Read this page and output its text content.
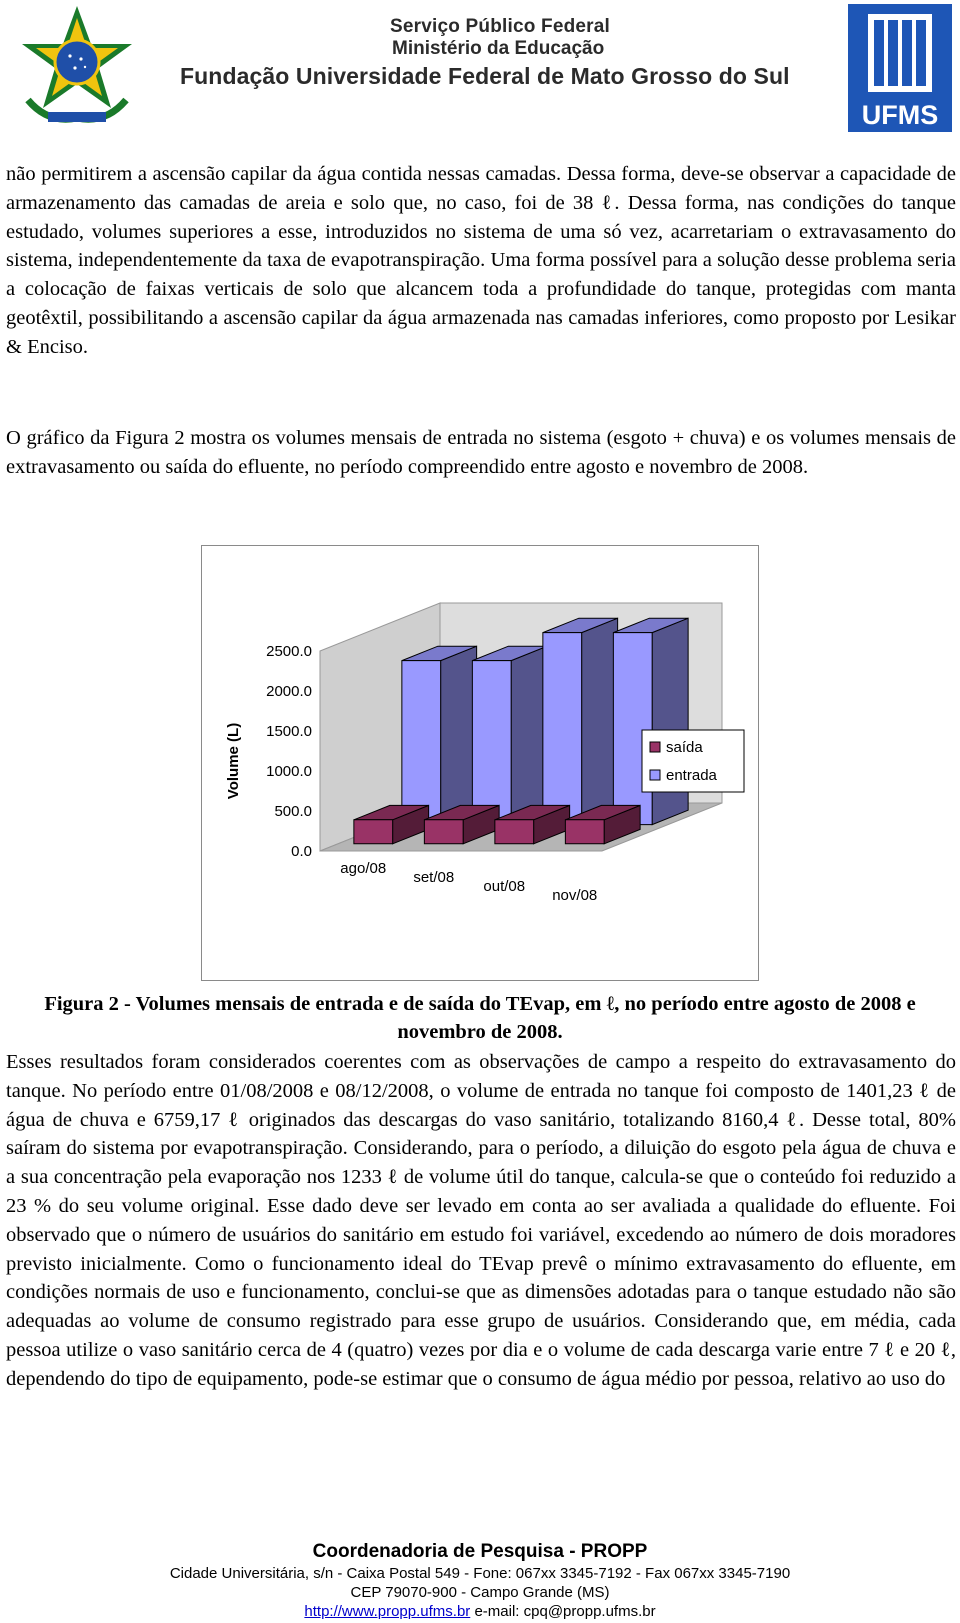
Serviço Público Federal
Ministério da Educação
Fundação Universidade Federal de Mato Grosso do Sul
UFMS
não permitirem a ascensão capilar da água contida nessas camadas. Dessa forma, deve-se observar a capacidade de armazenamento das camadas de areia e solo que, no caso, foi de 38 ℓ. Dessa forma, nas condições do tanque estudado, volumes superiores a esse, introduzidos no sistema de uma só vez, acarretariam o extravasamento do sistema, independentemente da taxa de evapotranspiração. Uma forma possível para a solução desse problema seria a colocação de faixas verticais de solo que alcancem toda a profundidade do tanque, protegidas com manta geotêxtil, possibilitando a ascensão capilar da água armazenada nas camadas inferiores, como proposto por Lesikar & Enciso.
O gráfico da Figura 2 mostra os volumes mensais de entrada no sistema (esgoto + chuva) e os volumes mensais de extravasamento ou saída do efluente, no período compreendido entre agosto e novembro de 2008.
0.0
500.0
1000.0
1500.0
2000.0
2500.0
Volume (L)
ago/08
set/08
out/08
nov/08
saída
entrada
Figura 2 - Volumes mensais de entrada e de saída do TEvap, em ℓ, no período entre agosto de 2008 e novembro de 2008.
Esses resultados foram considerados coerentes com as observações de campo a respeito do extravasamento do tanque. No período entre 01/08/2008 e 08/12/2008, o volume de entrada no tanque foi composto de 1401,23 ℓ de água de chuva e 6759,17 ℓ originados das descargas do vaso sanitário, totalizando 8160,4 ℓ. Desse total, 80% saíram do sistema por evapotranspiração. Considerando, para o período, a diluição do esgoto pela água de chuva e a sua concentração pela evaporação nos 1233 ℓ de volume útil do tanque, calcula-se que o conteúdo foi reduzido a 23 % do seu volume original. Esse dado deve ser levado em conta ao ser avaliada a qualidade do efluente. Foi observado que o número de usuários do sanitário em estudo foi variável, excedendo ao número de dois moradores previsto inicialmente. Como o funcionamento ideal do TEvap prevê o mínimo extravasamento do efluente, em condições normais de uso e funcionamento, conclui-se que as dimensões adotadas para o tanque estudado não são adequadas ao volume de consumo registrado para esse grupo de usuários. Considerando que, em média, cada pessoa utilize o vaso sanitário cerca de 4 (quatro) vezes por dia e o volume de cada descarga varie entre 7 ℓ e 20 ℓ, dependendo do tipo de equipamento, pode-se estimar que o consumo de água médio por pessoa, relativo ao uso do
Coordenadoria de Pesquisa - PROPP
Cidade Universitária, s/n - Caixa Postal 549 - Fone: 067xx 3345-7192 - Fax 067xx 3345-7190
CEP 79070-900 - Campo Grande (MS)
http://www.propp.ufms.br e-mail: cpq@propp.ufms.br
